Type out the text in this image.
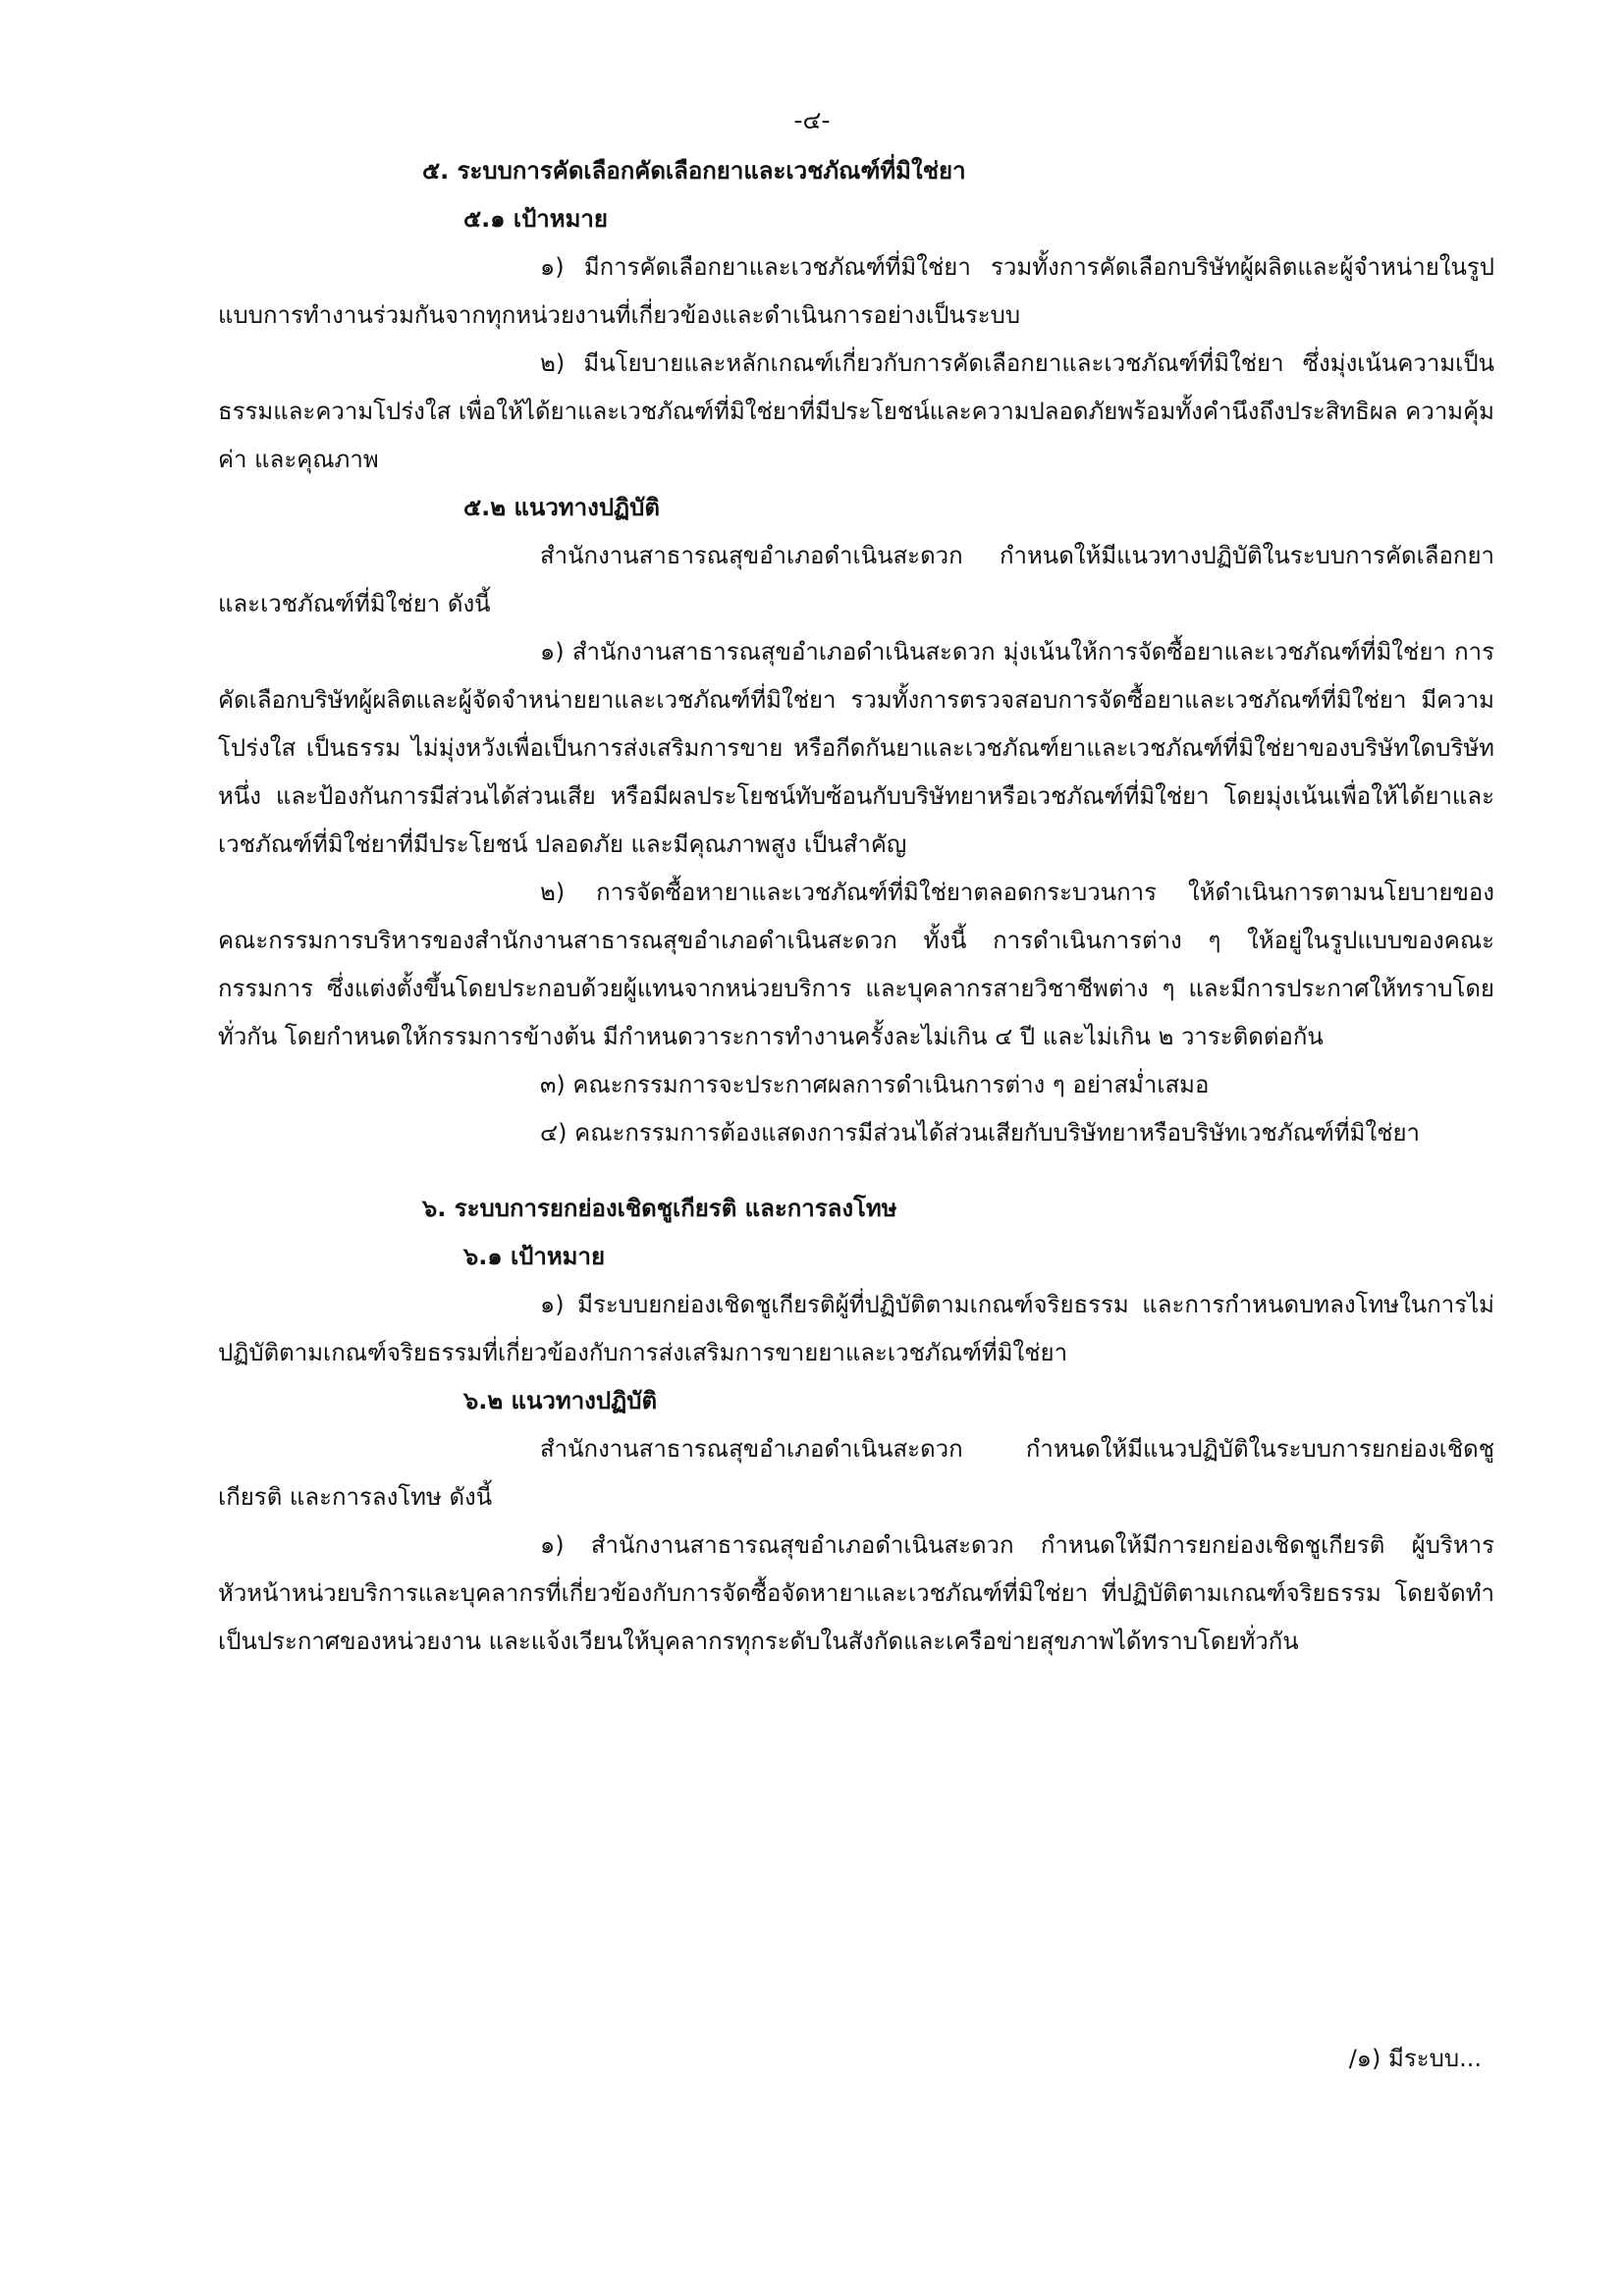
-๔-
๕. ระบบการคัดเลือกคัดเลือกยาและเวชภัณฑ์ที่มิใช่ยา
๕.๑ เป้าหมาย

๑) มีการคัดเลือกยาและเวชภัณฑ์ที่มิใช่ยา รวมทั้งการคัดเลือกบริษัทผู้ผลิตและผู้จำหน่ายในรูปแบบการทำงานร่วมกันจากทุกหน่วยงานที่เกี่ยวข้องและดำเนินการอย่างเป็นระบบ

๒) มีนโยบายและหลักเกณฑ์เกี่ยวกับการคัดเลือกยาและเวชภัณฑ์ที่มิใช่ยา ซึ่งมุ่งเน้นความเป็นธรรมและความโปร่งใส เพื่อให้ได้ยาและเวชภัณฑ์ที่มิใช่ยาที่มีประโยชน์และความปลอดภัยพร้อมทั้งคำนึงถึงประสิทธิผล ความคุ้มค่า และคุณภาพ

๕.๒ แนวทางปฏิบัติ

สำนักงานสาธารณสุขอำเภอดำเนินสะดวก กำหนดให้มีแนวทางปฏิบัติในระบบการคัดเลือกยาและเวชภัณฑ์ที่มิใช่ยา ดังนี้

๑) สำนักงานสาธารณสุขอำเภอดำเนินสะดวก มุ่งเน้นให้การจัดซื้อยาและเวชภัณฑ์ที่มิใช่ยา การคัดเลือกบริษัทผู้ผลิตและผู้จัดจำหน่ายยาและเวชภัณฑ์ที่มิใช่ยา รวมทั้งการตรวจสอบการจัดซื้อยาและเวชภัณฑ์ที่มิใช่ยา มีความโปร่งใส เป็นธรรม ไม่มุ่งหวังเพื่อเป็นการส่งเสริมการขาย หรือกีดกันยาและเวชภัณฑ์ยาและเวชภัณฑ์ที่มิใช่ยาของบริษัทใดบริษัทหนึ่ง และป้องกันการมีส่วนได้ส่วนเสีย หรือมีผลประโยชน์ทับซ้อนกับบริษัทยาหรือเวชภัณฑ์ที่มิใช่ยา โดยมุ่งเน้นเพื่อให้ได้ยาและเวชภัณฑ์ที่มิใช่ยาที่มีประโยชน์ ปลอดภัย และมีคุณภาพสูง เป็นสำคัญ

๒) การจัดซื้อหายาและเวชภัณฑ์ที่มิใช่ยาตลอดกระบวนการ ให้ดำเนินการตามนโยบายของคณะกรรมการบริหารของสำนักงานสาธารณสุขอำเภอดำเนินสะดวก ทั้งนี้ การดำเนินการต่าง ๆ ให้อยู่ในรูปแบบของคณะกรรมการ ซึ่งแต่งตั้งขึ้นโดยประกอบด้วยผู้แทนจากหน่วยบริการ และบุคลากรสายวิชาชีพต่าง ๆ และมีการประกาศให้ทราบโดยทั่วกัน โดยกำหนดให้กรรมการข้างต้น มีกำหนดวาระการทำงานครั้งละไม่เกิน ๔ ปี และไม่เกิน ๒ วาระติดต่อกัน

๓) คณะกรรมการจะประกาศผลการดำเนินการต่าง ๆ อย่าสม่ำเสมอ

๔) คณะกรรมการต้องแสดงการมีส่วนได้ส่วนเสียกับบริษัทยาหรือบริษัทเวชภัณฑ์ที่มิใช่ยา

๖. ระบบการยกย่องเชิดชูเกียรติ และการลงโทษ
๖.๑ เป้าหมาย

๑) มีระบบยกย่องเชิดชูเกียรติผู้ที่ปฏิบัติตามเกณฑ์จริยธรรม และการกำหนดบทลงโทษในการไม่ปฏิบัติตามเกณฑ์จริยธรรมที่เกี่ยวข้องกับการส่งเสริมการขายยาและเวชภัณฑ์ที่มิใช่ยา

๖.๒ แนวทางปฏิบัติ

สำนักงานสาธารณสุขอำเภอดำเนินสะดวก กำหนดให้มีแนวปฏิบัติในระบบการยกย่องเชิดชูเกียรติ และการลงโทษ ดังนี้

๑) สำนักงานสาธารณสุขอำเภอดำเนินสะดวก กำหนดให้มีการยกย่องเชิดชูเกียรติ ผู้บริหาร หัวหน้าหน่วยบริการและบุคลากรที่เกี่ยวข้องกับการจัดซื้อจัดหายาและเวชภัณฑ์ที่มิใช่ยา ที่ปฏิบัติตามเกณฑ์จริยธรรม โดยจัดทำเป็นประกาศของหน่วยงาน และแจ้งเวียนให้บุคลากรทุกระดับในสังกัดและเครือข่ายสุขภาพได้ทราบโดยทั่วกัน

/๑) มีระบบ...
